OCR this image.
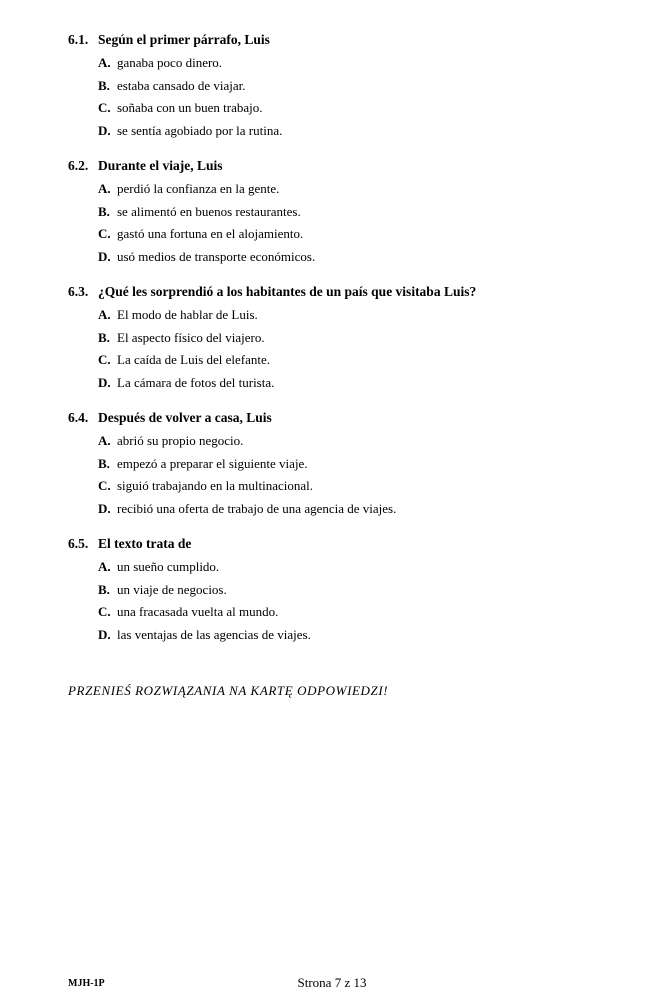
6.1. Según el primer párrafo, Luis
A. ganaba poco dinero.
B. estaba cansado de viajar.
C. soñaba con un buen trabajo.
D. se sentía agobiado por la rutina.
6.2. Durante el viaje, Luis
A. perdió la confianza en la gente.
B. se alimentó en buenos restaurantes.
C. gastó una fortuna en el alojamiento.
D. usó medios de transporte económicos.
6.3. ¿Qué les sorprendió a los habitantes de un país que visitaba Luis?
A. El modo de hablar de Luis.
B. El aspecto físico del viajero.
C. La caída de Luis del elefante.
D. La cámara de fotos del turista.
6.4. Después de volver a casa, Luis
A. abrió su propio negocio.
B. empezó a preparar el siguiente viaje.
C. siguió trabajando en la multinacional.
D. recibió una oferta de trabajo de una agencia de viajes.
6.5. El texto trata de
A. un sueño cumplido.
B. un viaje de negocios.
C. una fracasada vuelta al mundo.
D. las ventajas de las agencias de viajes.
PRZENIEŚ ROZWIĄZANIA NA KARTĘ ODPOWIEDZI!
MJH-1P	Strona 7 z 13
